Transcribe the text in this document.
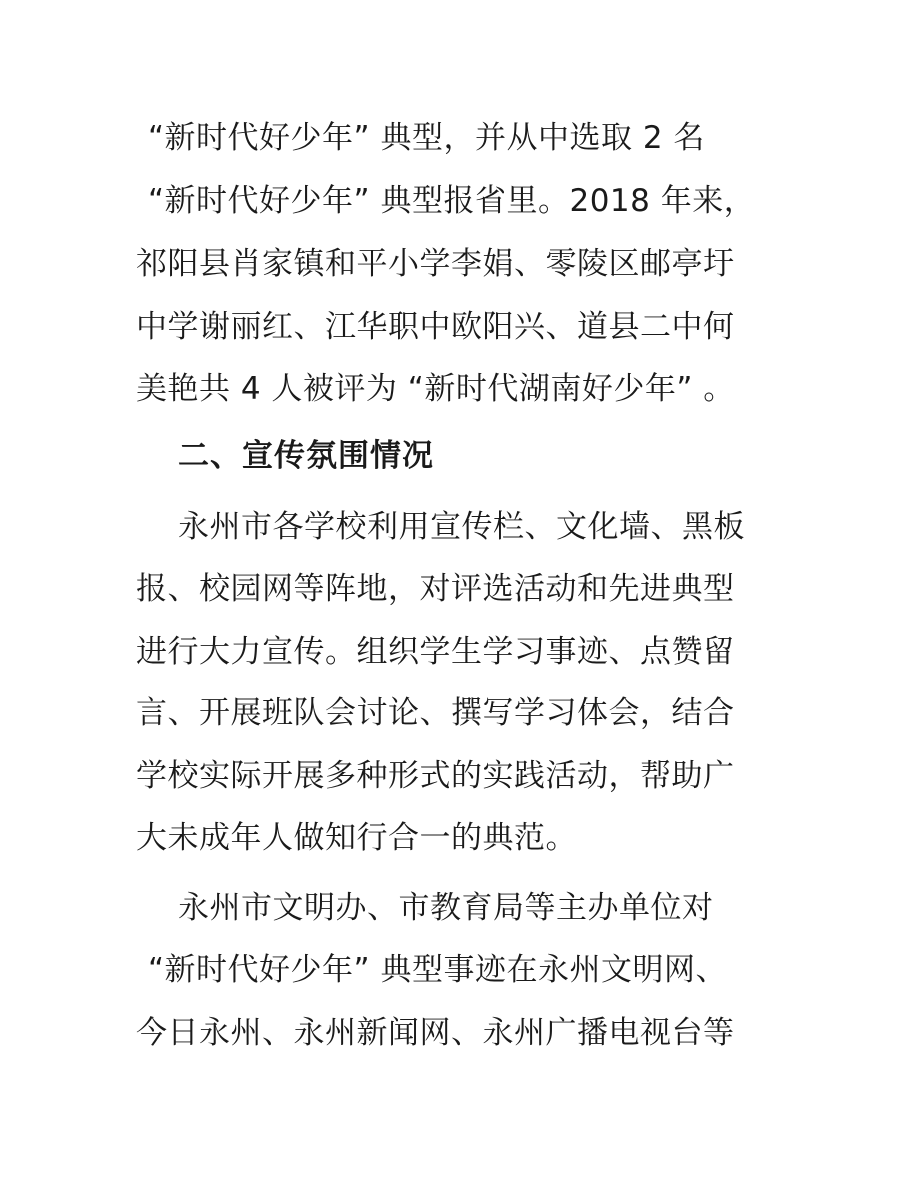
“新时代好少年” 典型，并从中选取 2 名
“新时代好少年” 典型报省里。2018 年来，
祁阳县肖家镇和平小学李娟、零陵区邮亭圩
中学谢丽红、江华职中欧阳兴、道县二中何
美艳共 4 人被评为 “新时代湖南好少年” 。
二、宣传氛围情况
永州市各学校利用宣传栏、文化墙、黑板
报、校园网等阵地，对评选活动和先进典型
进行大力宣传。组织学生学习事迹、点赞留
言、开展班队会讨论、撰写学习体会，结合
学校实际开展多种形式的实践活动，帮助广
大未成年人做知行合一的典范。
永州市文明办、市教育局等主办单位对
“新时代好少年” 典型事迹在永州文明网、
今日永州、永州新闻网、永州广播电视台等
